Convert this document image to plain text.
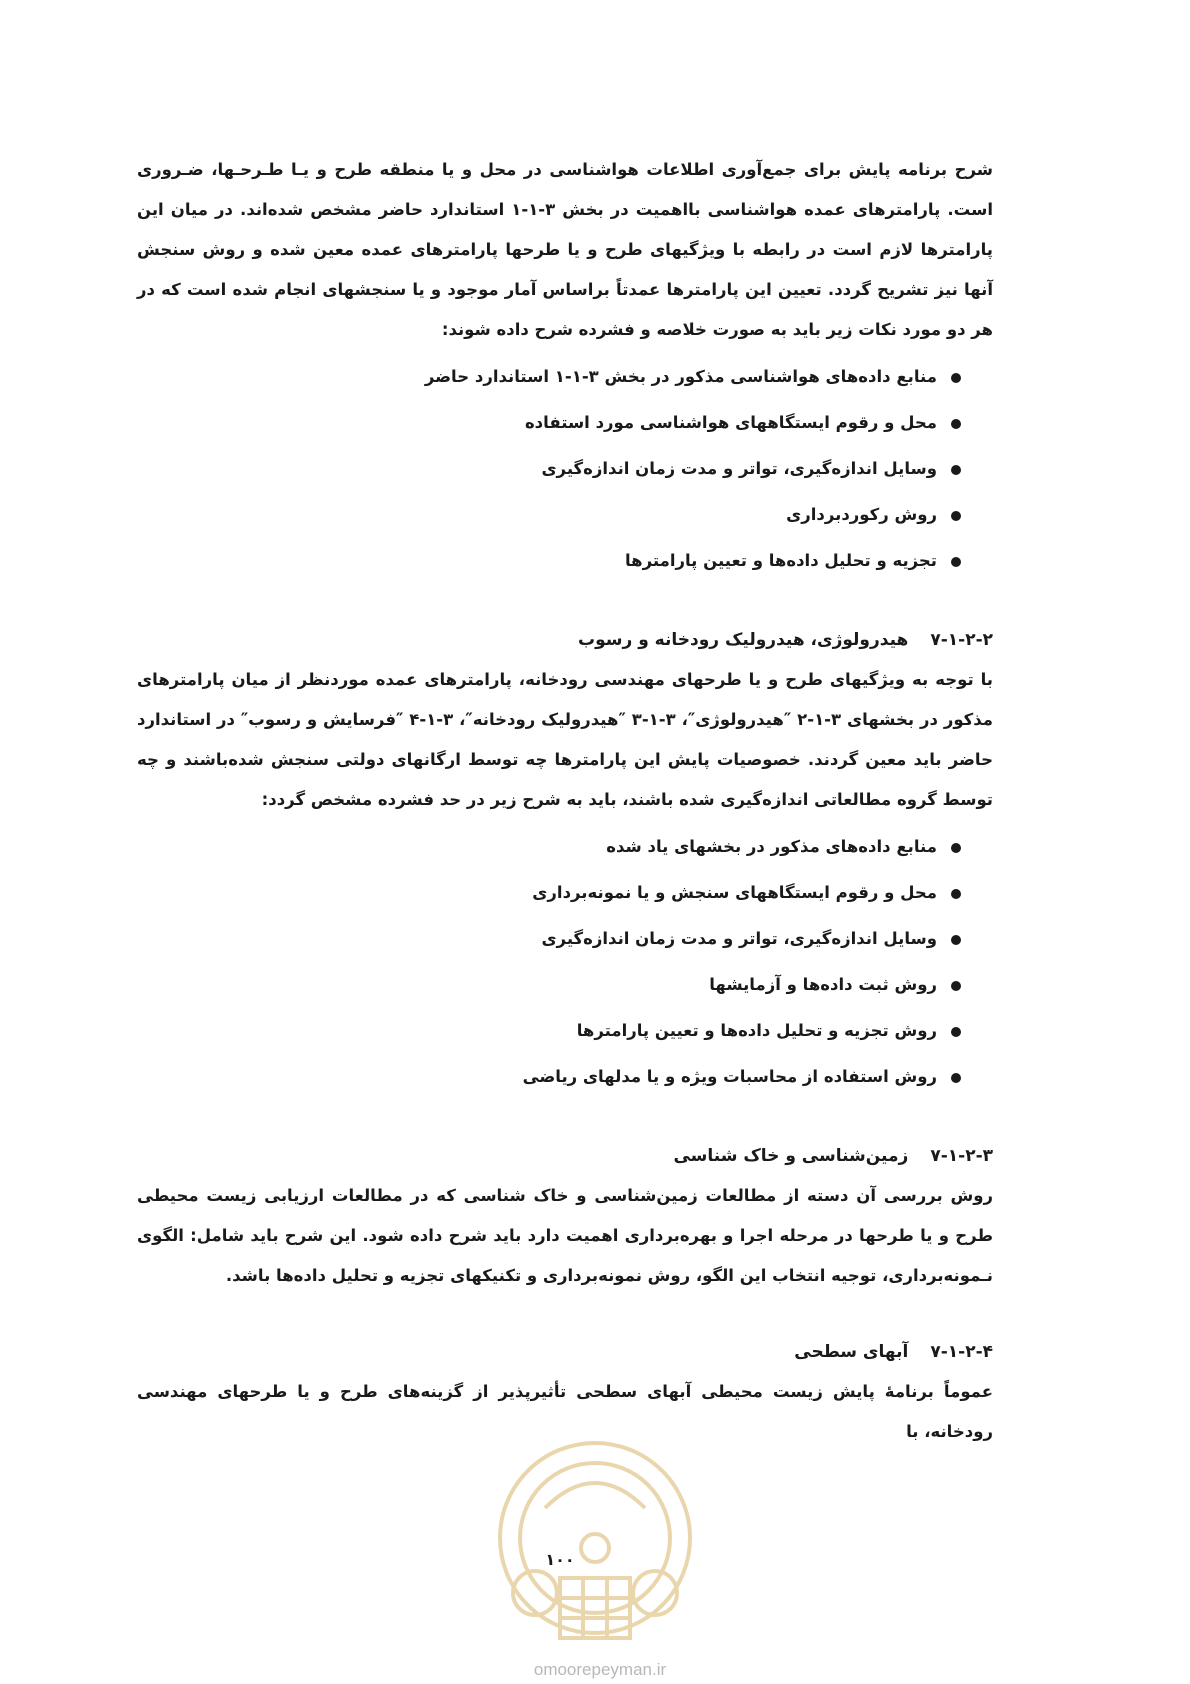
شرح برنامه پایش برای جمع‌آوری اطلاعات هواشناسی در محل و یا منطقه طرح و یـا طـرحـها، ضـروری است. پارامترهای عمده هواشناسی بااهمیت در بخش ۳-۱-۱ استاندارد حاضر مشخص شده‌اند. در میان این پارامترها لازم است در رابطه با ویژگیهای طرح و یا طرحها پارامترهای عمده معین شده و روش سنجش آنها نیز تشریح گردد. تعیین این پارامترها عمدتاً براساس آمار موجود و یا سنجشهای انجام شده است که در هر دو مورد نکات زیر باید به صورت خلاصه و فشرده شرح داده شوند:

منابع داده‌های هواشناسی مذکور در بخش ۳-۱-۱ استاندارد حاضر
محل و رقوم ایستگاههای هواشناسی مورد استفاده
وسایل اندازه‌گیری، تواتر و مدت زمان اندازه‌گیری
روش رکوردبرداری
تجزیه و تحلیل داده‌ها و تعیین پارامترها
۷-۱-۲-۲هیدرولوژی، هیدرولیک رودخانه و رسوب

با توجه به ویژگیهای طرح و یا طرحهای مهندسی رودخانه، پارامترهای عمده موردنظر از میان پارامترهای مذکور در بخشهای ۳-۱-۲ ″هیدرولوژی″، ۳-۱-۳ ″هیدرولیک رودخانه″، ۳-۱-۴ ″فرسایش و رسوب″ در استاندارد حاضر باید معین گردند. خصوصیات پایش این پارامترها چه توسط ارگانهای دولتی سنجش شده‌باشند و چه توسط گروه مطالعاتی اندازه‌گیری شده باشند، باید به شرح زیر در حد فشرده مشخص گردد:

منابع داده‌های مذکور در بخشهای یاد شده
محل و رقوم ایستگاههای سنجش و یا نمونه‌برداری
وسایل اندازه‌گیری، تواتر و مدت زمان اندازه‌گیری
روش ثبت داده‌ها و آزمایشها
روش تجزیه و تحلیل داده‌ها و تعیین پارامترها
روش استفاده از محاسبات ویژه و یا مدلهای ریاضی
۷-۱-۲-۳زمین‌شناسی و خاک شناسی

روش بررسی آن دسته از مطالعات زمین‌شناسی و خاک شناسی که در مطالعات ارزیابی زیست محیطی طرح و یا طرحها در مرحله اجرا و بهره‌برداری اهمیت دارد باید شرح داده شود. این شرح باید شامل: الگوی نـمونه‌برداری، توجیه انتخاب این الگو، روش نمونه‌برداری و تکنیکهای تجزیه و تحلیل داده‌ها باشد.

۷-۱-۲-۴آبهای سطحی

عموماً برنامهٔ پایش زیست محیطی آبهای سطحی تأثیرپذیر از گزینه‌های طرح و یا طرحهای مهندسی رودخانه، با

۱۰۰
omoorepeyman.ir
